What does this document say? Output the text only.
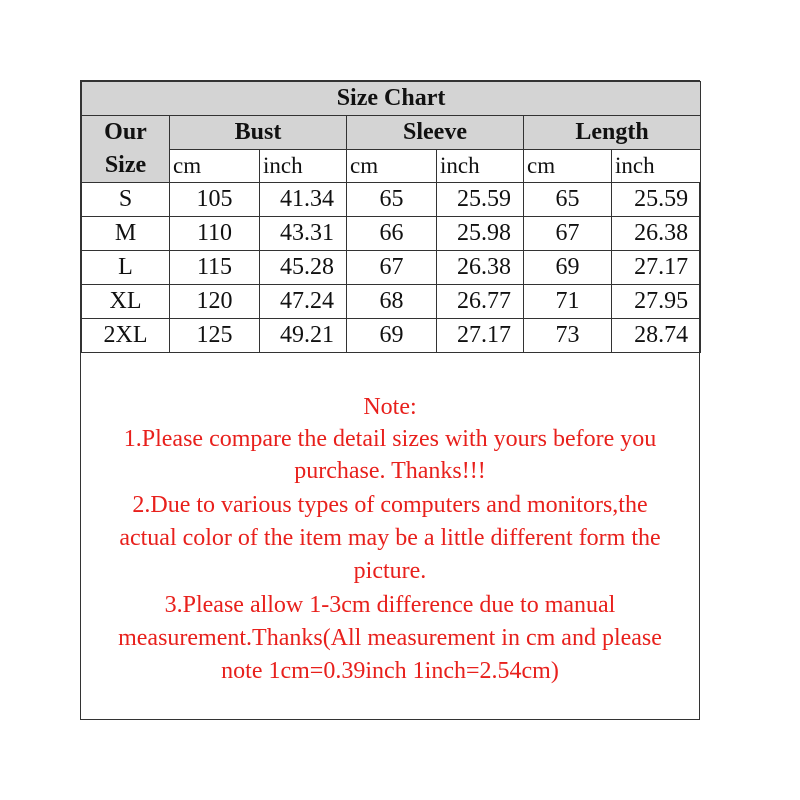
Size Chart						

Our
Size	Bust		Sleeve		Length	
	cm	inch	cm	inch	cm	inch
S	105	41.34	65	25.59	65	25.59
M	110	43.31	66	25.98	67	26.38
L	115	45.28	67	26.38	69	27.17
XL	120	47.24	68	26.77	71	27.95
2XL	125	49.21	69	27.17	73	28.74
Note:
1.Please compare the detail sizes with yours before you
purchase. Thanks!!!
2.Due to various types of computers and monitors,the
actual color of the item may be a little different form the
picture.
3.Please allow 1-3cm difference due to manual
measurement.Thanks(All measurement in cm and please
note 1cm=0.39inch 1inch=2.54cm)
